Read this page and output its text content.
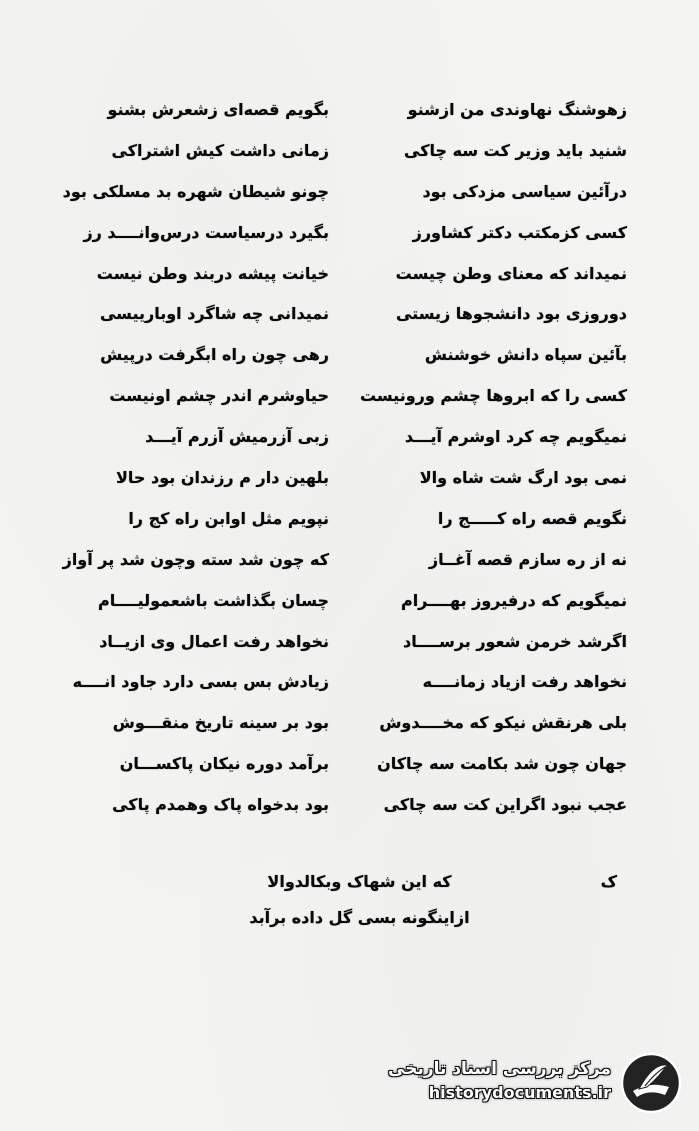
زهوشنگ نهاوندی من ازشنو
بگویم قصه‌ای زشعرش بشنو
شنید باید وزیر کت سه چاکی
زمانی داشت کیش اشتراکی
درآئین سیاسی مزدکی بود
چونو شیطان شهره بد مسلکی بود
کسی کزمکتب دکتر کشاورز
بگیرد درسیاست درس‌وانــــد رز
نمیداند که معنای وطن چیست
خیانت پیشه دربند وطن نیست
دوروزی بود دانشجوها زیستی
نمیدانی چه شاگرد اوبارییسی
بآئین سپاه دانش خوشنش
رهی چون راه ابگرفت درپیش
کسی را که ابروها چشم ورونیست
حیاوشرم اندر چشم اونیست
نمیگویم چه کرد اوشرم آیـــد
زبی آزرمیش آزرم آیـــد
نمی بود ارگ شت شاه والا
بلهین دار م رزندان بود حالا
نگویم قصه راه کـــــج را
نپویم مثل اوابن راه کج را
نه از ره سازم قصه آغــاز
که چون شد سته وچون شد پر آواز
نمیگویم که درفیروز بهــــرام
چسان بگذاشت باشعمولیــــام
اگرشد خرمن شعور برســــاد
نخواهد رفت اعمال وی ازیــاد
نخواهد رفت ازیاد زمانــــه
زیادش بس بسی دارد جاود انــــه
بلی هرنقش نیکو که مخــــدوش
بود بر سینه تاریخ منقـــوش
جهان چون شد بکامت سه چاکان
برآمد دوره نیکان پاکســـان
عجب نبود اگراین کت سه چاکی
بود بدخواه پاک وهمدم پاکی
ک
که این شهاک وبکالدوالا
ازاینگونه بسی گل داده برآبد
مرکز بررسی اسناد تاریخی
historydocuments.ir
